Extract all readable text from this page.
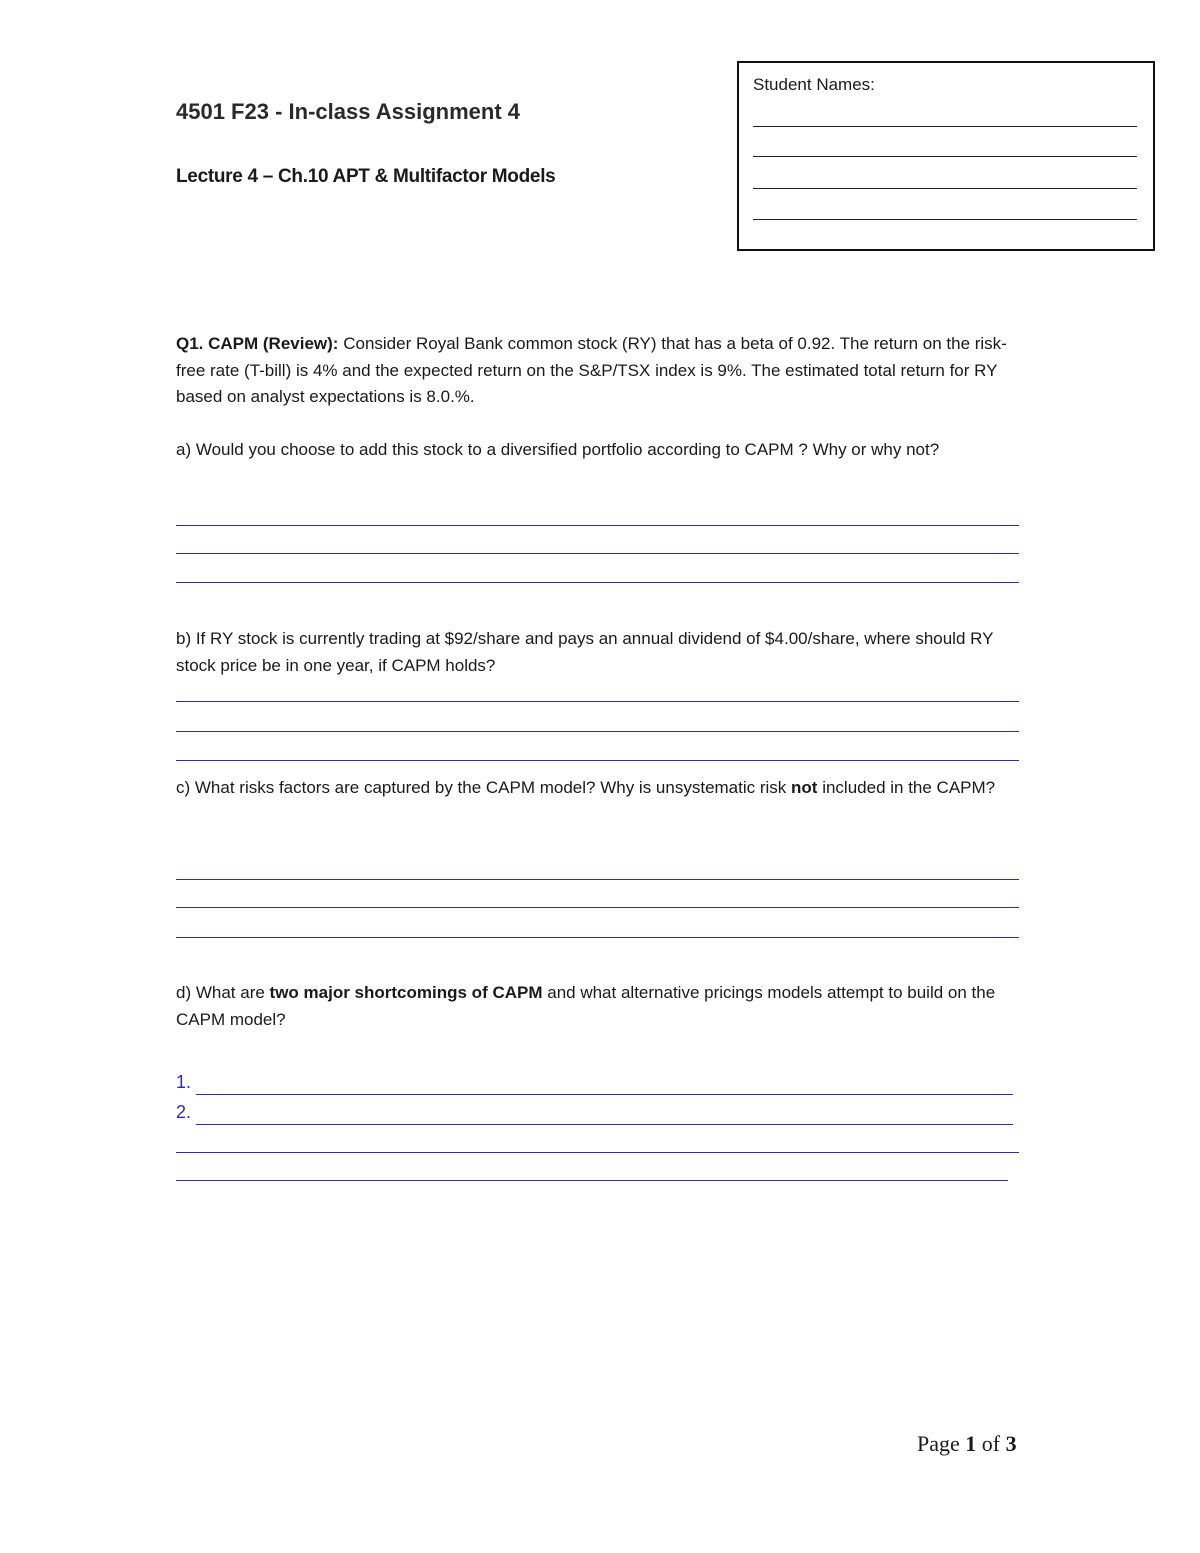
4501 F23 - In-class Assignment 4
Lecture 4 – Ch.10 APT & Multifactor Models
Student Names:
Q1. CAPM (Review): Consider Royal Bank common stock (RY) that has a beta of 0.92. The return on the risk-free rate (T-bill) is 4% and the expected return on the S&P/TSX index is 9%. The estimated total return for RY based on analyst expectations is 8.0.%.
a) Would you choose to add this stock to a diversified portfolio according to CAPM ? Why or why not?
b) If RY stock is currently trading at $92/share and pays an annual dividend of $4.00/share, where should RY stock price be in one year, if CAPM holds?
c) What risks factors are captured by the CAPM model? Why is unsystematic risk not included in the CAPM?
d) What are two major shortcomings of CAPM and what alternative pricings models attempt to build on the CAPM model?
1.
2.
Page 1 of 3
